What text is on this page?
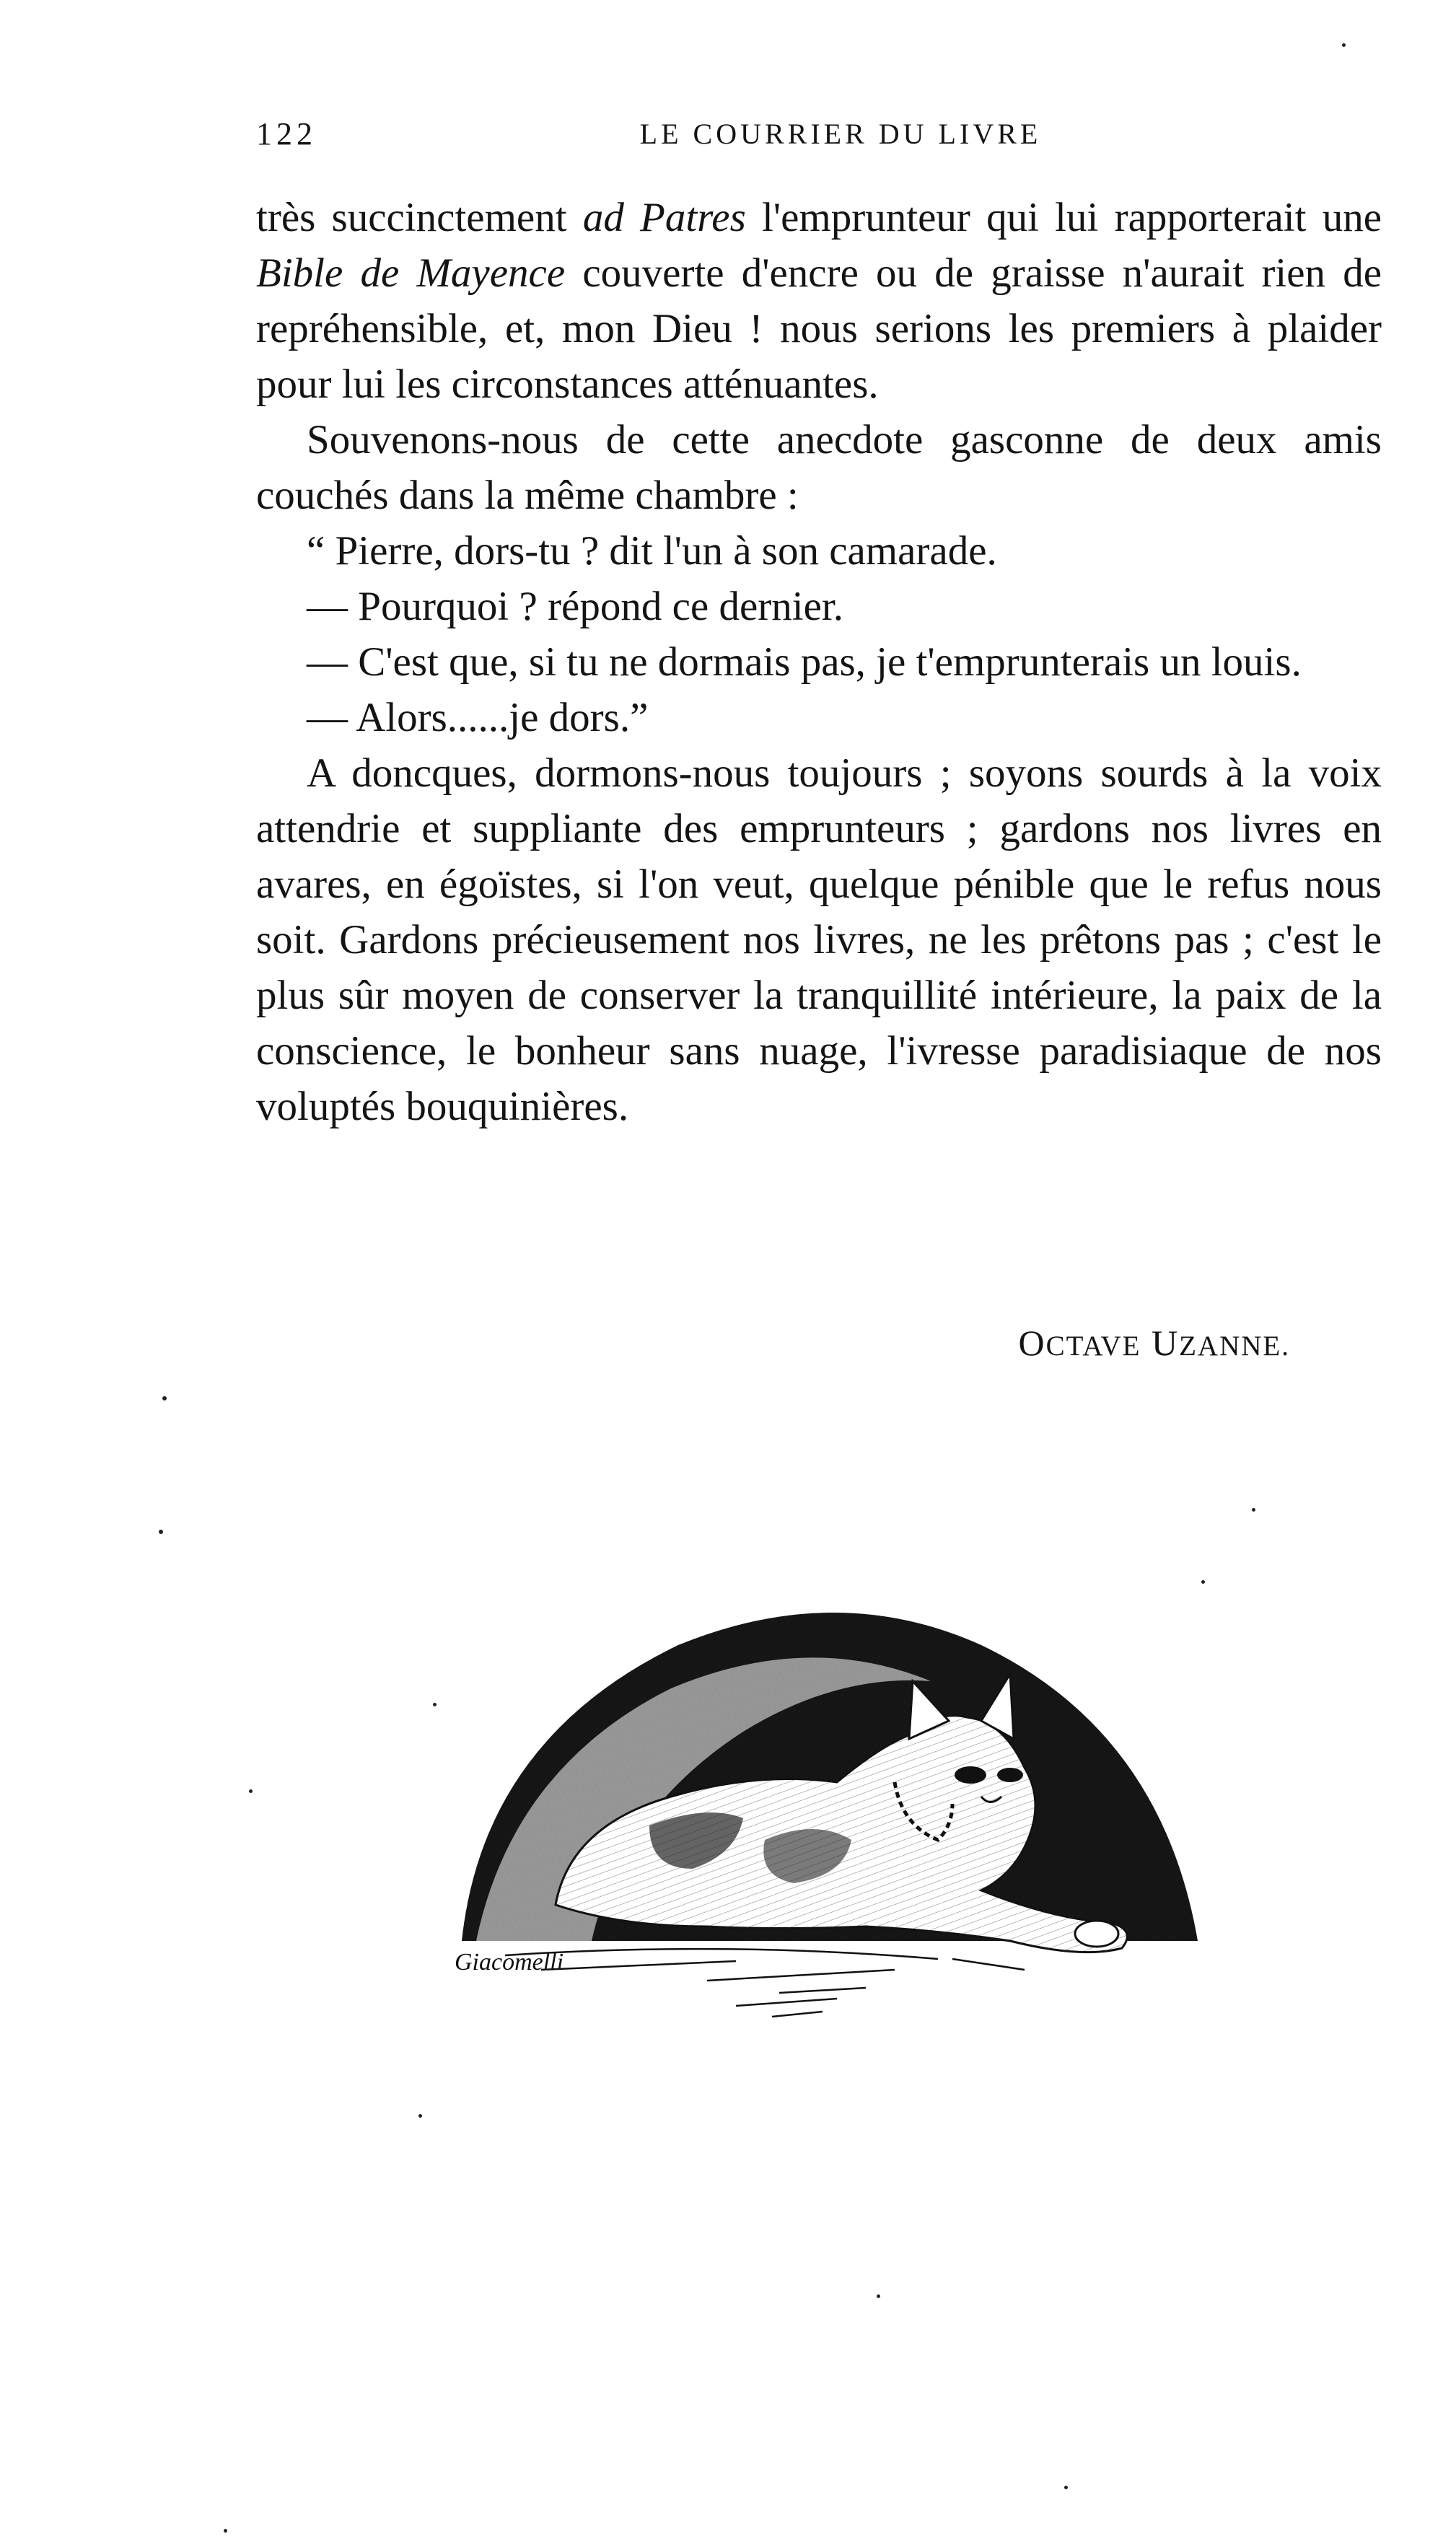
122	LE COURRIER DU LIVRE

très succinctement ad Patres l'emprunteur qui lui rapporterait une Bible de Mayence couverte d'encre ou de graisse n'aurait rien de repréhensible, et, mon Dieu ! nous serions les premiers à plaider pour lui les circonstances atténuantes.

Souvenons-nous de cette anecdote gasconne de deux amis couchés dans la même chambre :

“ Pierre, dors-tu ? dit l'un à son camarade.

— Pourquoi ? répond ce dernier.

— C'est que, si tu ne dormais pas, je t'emprunterais un louis.

— Alors......je dors.”

A doncques, dormons-nous toujours ; soyons sourds à la voix attendrie et suppliante des emprunteurs ; gardons nos livres en avares, en égoïstes, si l'on veut, quelque pénible que le refus nous soit. Gardons précieusement nos livres, ne les prêtons pas ; c'est le plus sûr moyen de conserver la tranquillité intérieure, la paix de la conscience, le bonheur sans nuage, l'ivresse paradisiaque de nos voluptés bouquinières.

OCTAVE UZANNE.
Giacomelli
